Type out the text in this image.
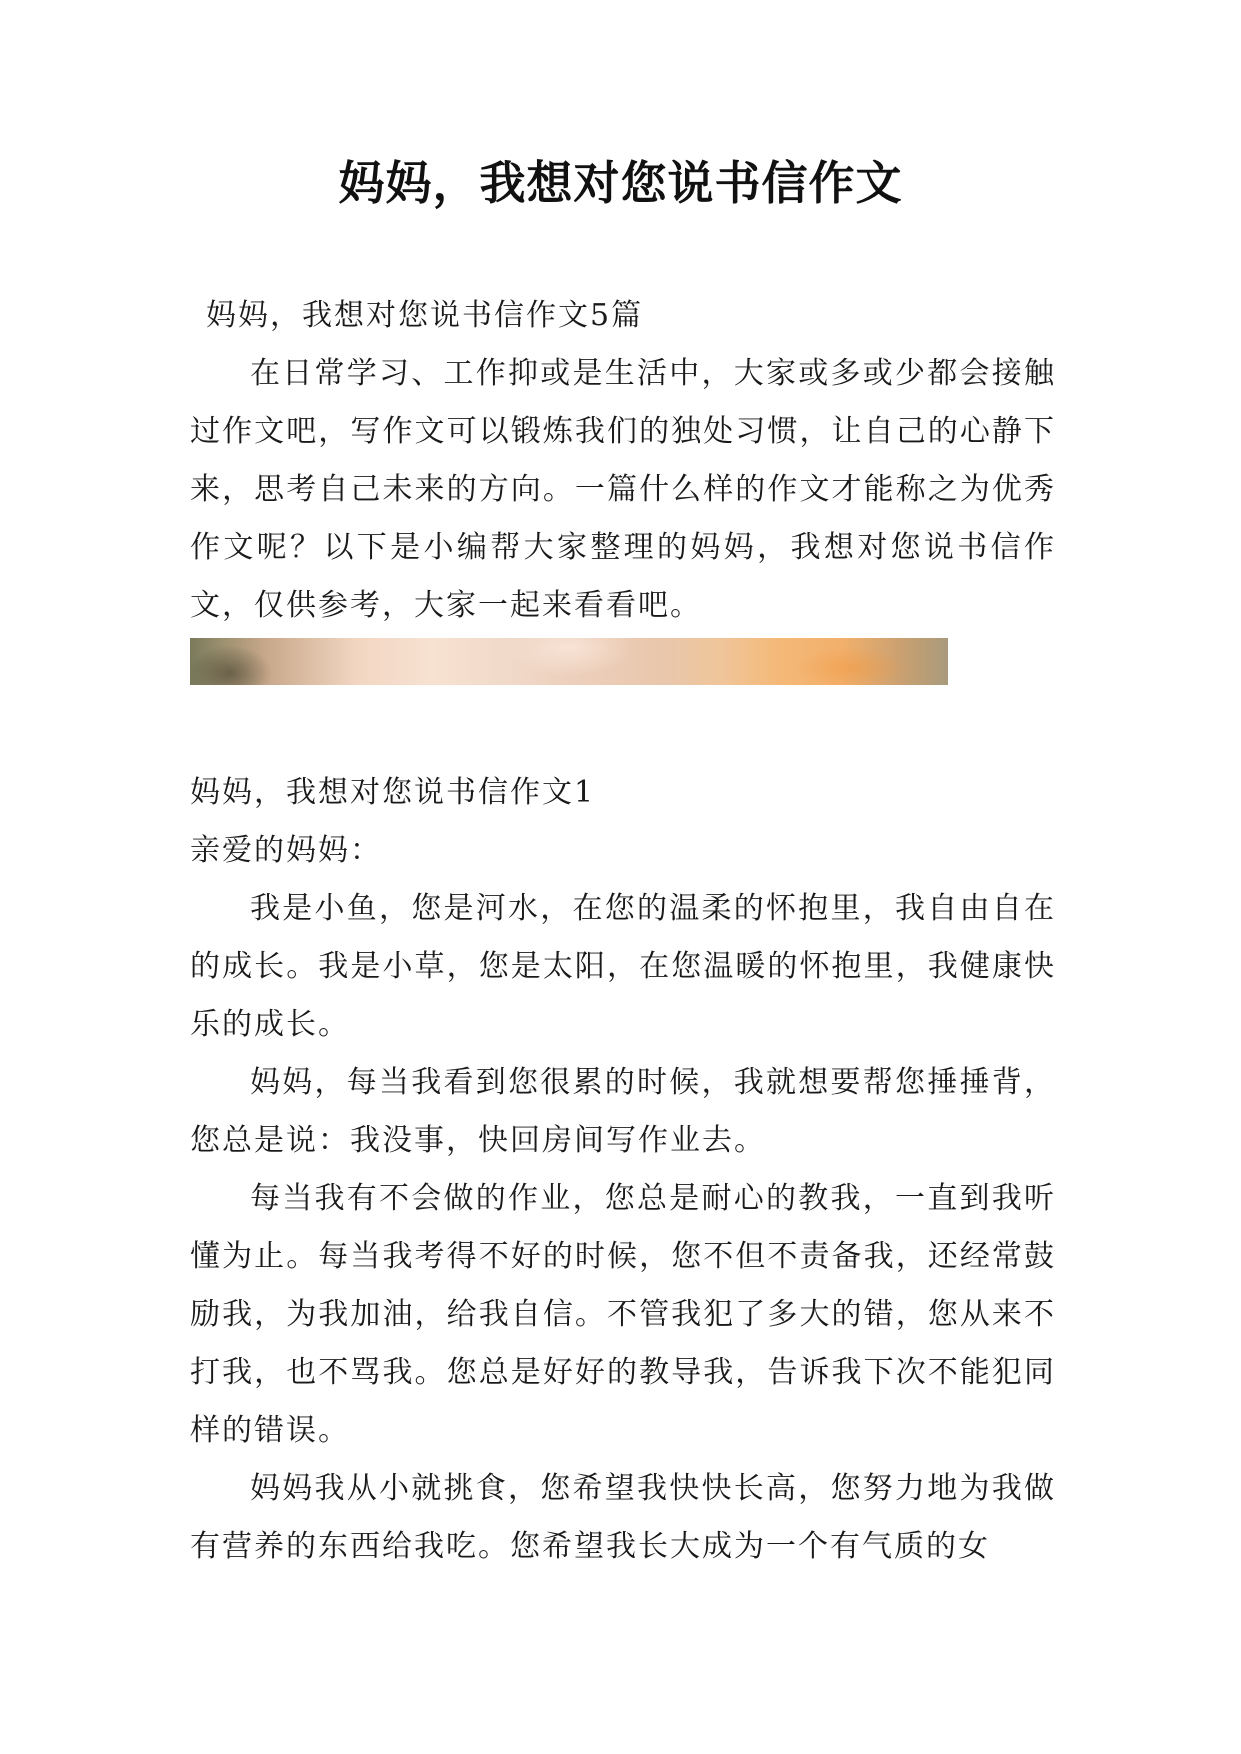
妈妈，我想对您说书信作文

妈妈，我想对您说书信作文5篇

在日常学习、工作抑或是生活中，大家或多或少都会接触过作文吧，写作文可以锻炼我们的独处习惯，让自己的心静下来，思考自己未来的方向。一篇什么样的作文才能称之为优秀作文呢？以下是小编帮大家整理的妈妈，我想对您说书信作文，仅供参考，大家一起来看看吧。

妈妈，我想对您说书信作文1

亲爱的妈妈：

我是小鱼，您是河水，在您的温柔的怀抱里，我自由自在的成长。我是小草，您是太阳，在您温暖的怀抱里，我健康快乐的成长。

妈妈，每当我看到您很累的时候，我就想要帮您捶捶背，您总是说：我没事，快回房间写作业去。

每当我有不会做的作业，您总是耐心的教我，一直到我听懂为止。每当我考得不好的时候，您不但不责备我，还经常鼓励我，为我加油，给我自信。不管我犯了多大的错，您从来不打我，也不骂我。您总是好好的教导我，告诉我下次不能犯同样的错误。

妈妈我从小就挑食，您希望我快快长高，您努力地为我做有营养的东西给我吃。您希望我长大成为一个有气质的女
